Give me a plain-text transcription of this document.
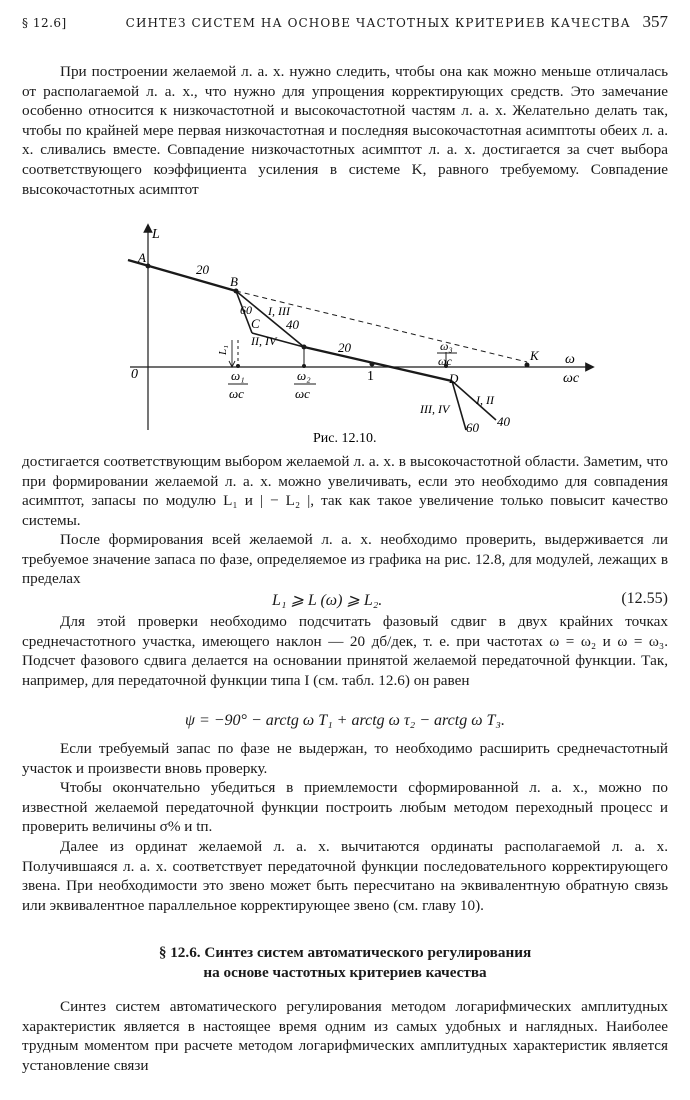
§ 12.6]	СИНТЕЗ СИСТЕМ НА ОСНОВЕ ЧАСТОТНЫХ КРИТЕРИЕВ КАЧЕСТВА 357

При построении желаемой л. а. х. нужно следить, чтобы она как можно меньше отличалась от располагаемой л. а. х., что нужно для упрощения корректирующих средств. Это замечание особенно относится к низкочастотной и высокочастотной частям л. а. х. Желательно делать так, чтобы по крайней мере первая низкочастотная и последняя высокочастотная асимптоты обеих л. а. х. сливались вместе. Совпадение низкочастотных асимптот л. а. х. достигается за счет выбора соответствующего коэффициента усиления в системе K, равного требуемому. Совпадение высокочастотных асимптот

L
A
B
C
D
K
0	1
20
60
40
20
60 40
I, III
II, IV
III, IV
I, II
L₁
ω₁
ωc
ω₂
ωc
ω₃
ωc	ω
ωc
Рис. 12.10.

достигается соответствующим выбором желаемой л. а. х. в высокочастотной области. Заметим, что при формировании желаемой л. а. х. можно увеличивать, если это необходимо для совпадения асимптот, запасы по модулю L₁ и | − L₂ |, так как такое увеличение только повысит качество системы.

После формирования всей желаемой л. а. х. необходимо проверить, выдерживается ли требуемое значение запаса по фазе, определяемое из графика на рис. 12.8, для модулей, лежащих в пределах

L₁ ⩾ L (ω) ⩾ L₂.	(12.55)

Для этой проверки необходимо подсчитать фазовый сдвиг в двух крайних точках среднечастотного участка, имеющего наклон — 20 дб/дек, т. е. при частотах ω = ω₂ и ω = ω₃. Подсчет фазового сдвига делается на основании принятой желаемой передаточной функции. Так, например, для передаточной функции типа I (см. табл. 12.6) он равен

ψ = −90° − arctg ω T₁ + arctg ω τ₂ − arctg ω T₃.

Если требуемый запас по фазе не выдержан, то необходимо расширить среднечастотный участок и произвести вновь проверку.

Чтобы окончательно убедиться в приемлемости сформированной л. а. х., можно по известной желаемой передаточной функции построить любым методом переходный процесс и проверить величины σ% и tп.

Далее из ординат желаемой л. а. х. вычитаются ординаты располагаемой л. а. х. Получившаяся л. а. х. соответствует передаточной функции последовательного корректирующего звена. При необходимости это звено может быть пересчитано на эквивалентную обратную связь или эквивалентное параллельное корректирующее звено (см. главу 10).

§ 12.6. Синтез систем автоматического регулирования
на основе частотных критериев качества

Синтез систем автоматического регулирования методом логарифмических амплитудных характеристик является в настоящее время одним из самых удобных и наглядных. Наиболее трудным моментом при расчете методом логарифмических амплитудных характеристик является установление связи
